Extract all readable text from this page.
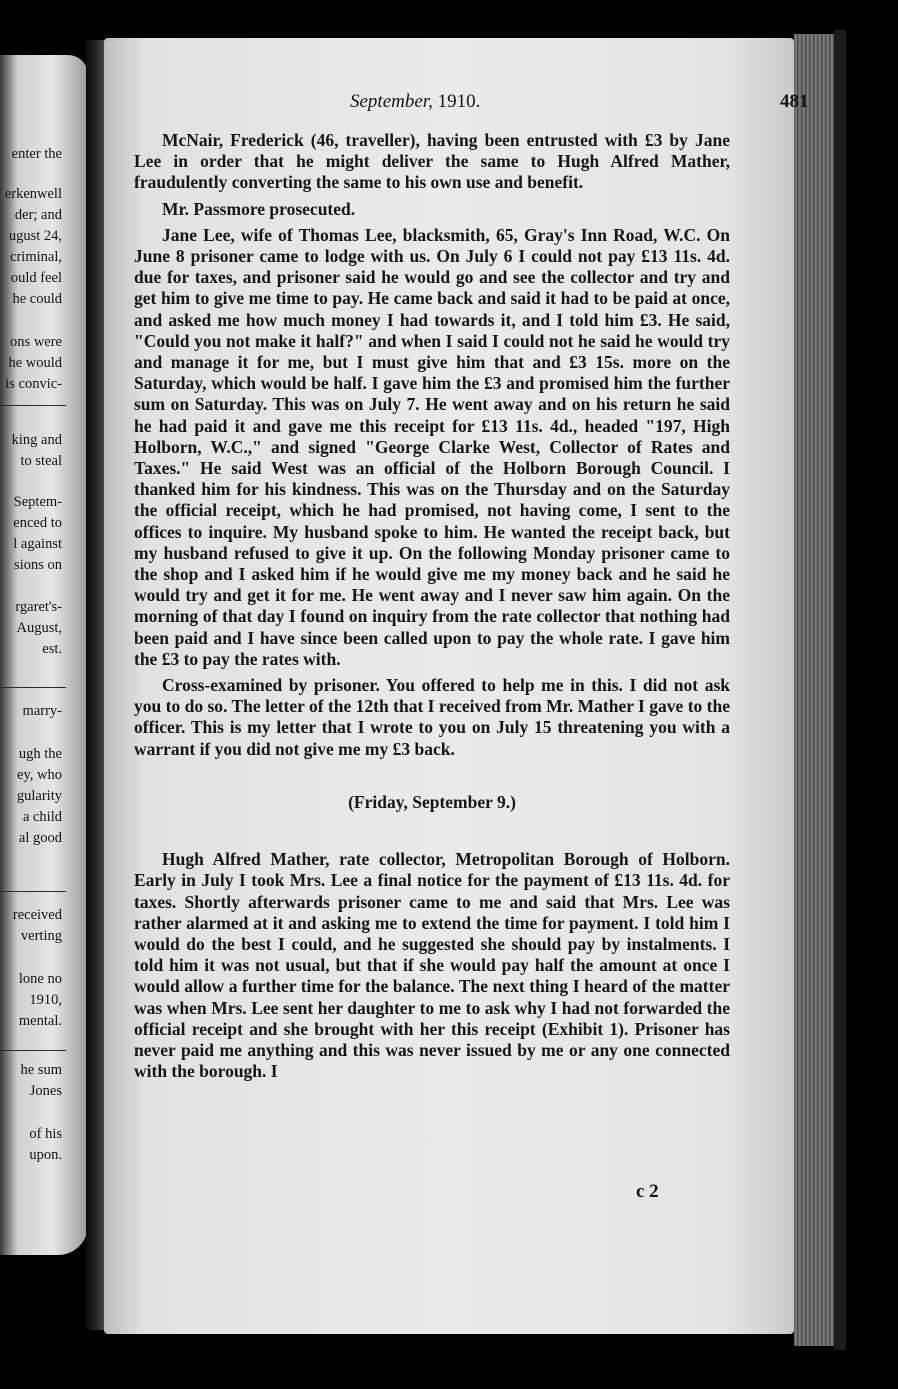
enter the
erkenwell
der; and
ugust 24,
criminal,
ould feel
he could
ons were
he would
is convic-
king and
to steal
Septem-
enced to
l against
sions on
rgaret's-
August,
est.
marry-
ugh the
ey, who
gularity
a child
al good
received
verting
lone no
1910,
mental.
he sum
Jones
of his
upon.
September, 1910.	481

McNair, Frederick (46, traveller), having been entrusted with £3 by Jane Lee in order that he might deliver the same to Hugh Alfred Mather, fraudulently converting the same to his own use and benefit.

Mr. Passmore prosecuted.

Jane Lee, wife of Thomas Lee, blacksmith, 65, Gray's Inn Road, W.C. On June 8 prisoner came to lodge with us. On July 6 I could not pay £13 11s. 4d. due for taxes, and prisoner said he would go and see the collector and try and get him to give me time to pay. He came back and said it had to be paid at once, and asked me how much money I had towards it, and I told him £3. He said, "Could you not make it half?" and when I said I could not he said he would try and manage it for me, but I must give him that and £3 15s. more on the Saturday, which would be half. I gave him the £3 and promised him the further sum on Saturday. This was on July 7. He went away and on his return he said he had paid it and gave me this receipt for £13 11s. 4d., headed "197, High Holborn, W.C.," and signed "George Clarke West, Collector of Rates and Taxes." He said West was an official of the Holborn Borough Council. I thanked him for his kindness. This was on the Thursday and on the Saturday the official receipt, which he had promised, not having come, I sent to the offices to inquire. My husband spoke to him. He wanted the receipt back, but my husband refused to give it up. On the following Monday prisoner came to the shop and I asked him if he would give me my money back and he said he would try and get it for me. He went away and I never saw him again. On the morning of that day I found on inquiry from the rate collector that nothing had been paid and I have since been called upon to pay the whole rate. I gave him the £3 to pay the rates with.

Cross-examined by prisoner. You offered to help me in this. I did not ask you to do so. The letter of the 12th that I received from Mr. Mather I gave to the officer. This is my letter that I wrote to you on July 15 threatening you with a warrant if you did not give me my £3 back.

(Friday, September 9.)

Hugh Alfred Mather, rate collector, Metropolitan Borough of Holborn. Early in July I took Mrs. Lee a final notice for the payment of £13 11s. 4d. for taxes. Shortly afterwards prisoner came to me and said that Mrs. Lee was rather alarmed at it and asking me to extend the time for payment. I told him I would do the best I could, and he suggested she should pay by instalments. I told him it was not usual, but that if she would pay half the amount at once I would allow a further time for the balance. The next thing I heard of the matter was when Mrs. Lee sent her daughter to me to ask why I had not forwarded the official receipt and she brought with her this receipt (Exhibit 1). Prisoner has never paid me anything and this was never issued by me or any one connected with the borough. I

c 2
